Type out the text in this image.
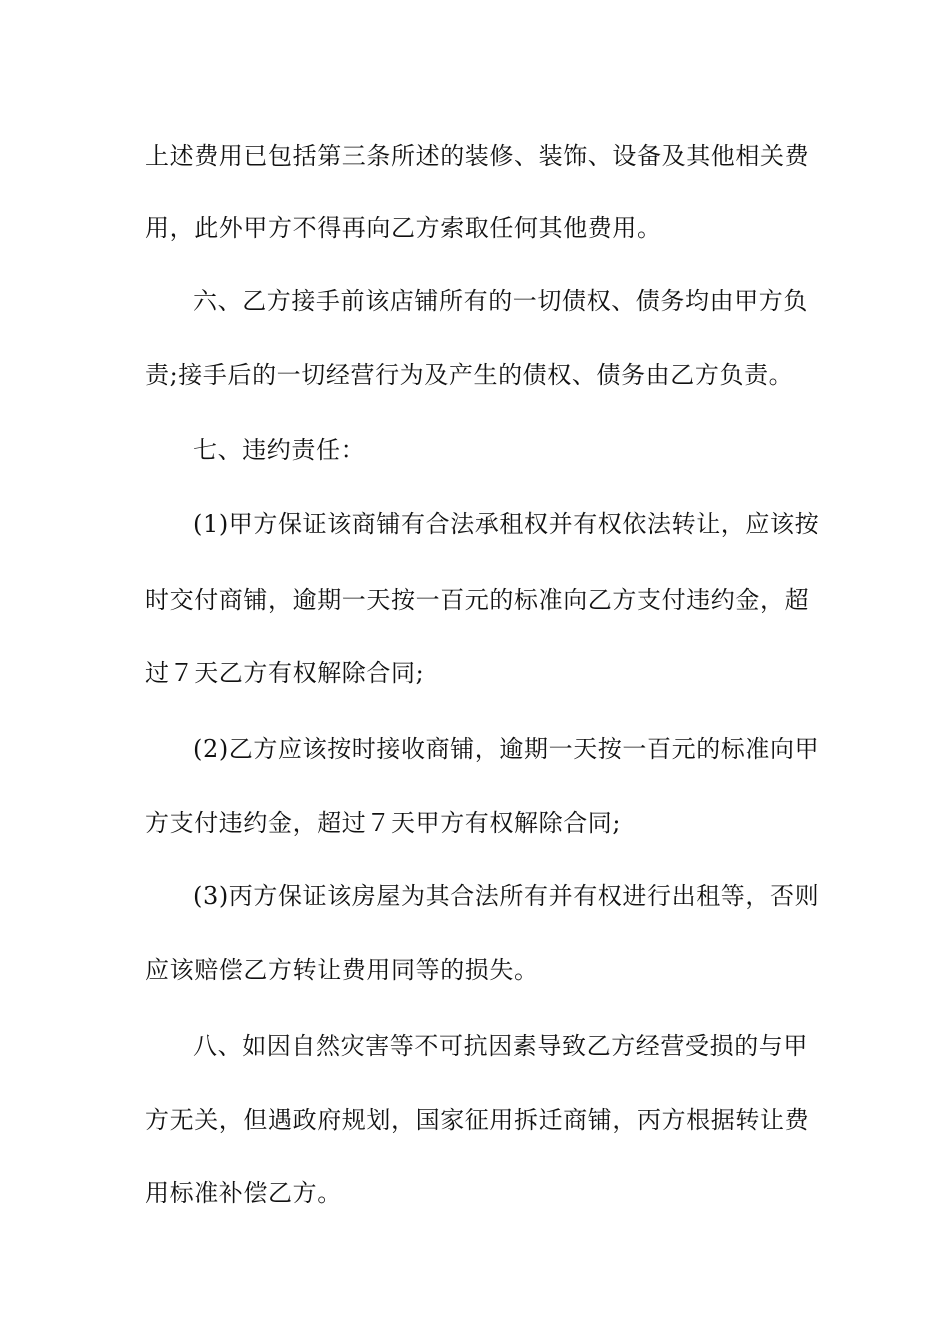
上述费用已包括第三条所述的装修、装饰、设备及其他相关费
用，此外甲方不得再向乙方索取任何其他费用。
六、乙方接手前该店铺所有的一切债权、债务均由甲方负
责;接手后的一切经营行为及产生的债权、债务由乙方负责。
七、违约责任：
(1)甲方保证该商铺有合法承租权并有权依法转让，应该按
时交付商铺，逾期一天按一百元的标准向乙方支付违约金，超
过７天乙方有权解除合同;
(2)乙方应该按时接收商铺，逾期一天按一百元的标准向甲
方支付违约金，超过７天甲方有权解除合同;
(3)丙方保证该房屋为其合法所有并有权进行出租等，否则
应该赔偿乙方转让费用同等的损失。
八、如因自然灾害等不可抗因素导致乙方经营受损的与甲
方无关，但遇政府规划，国家征用拆迁商铺，丙方根据转让费
用标准补偿乙方。
